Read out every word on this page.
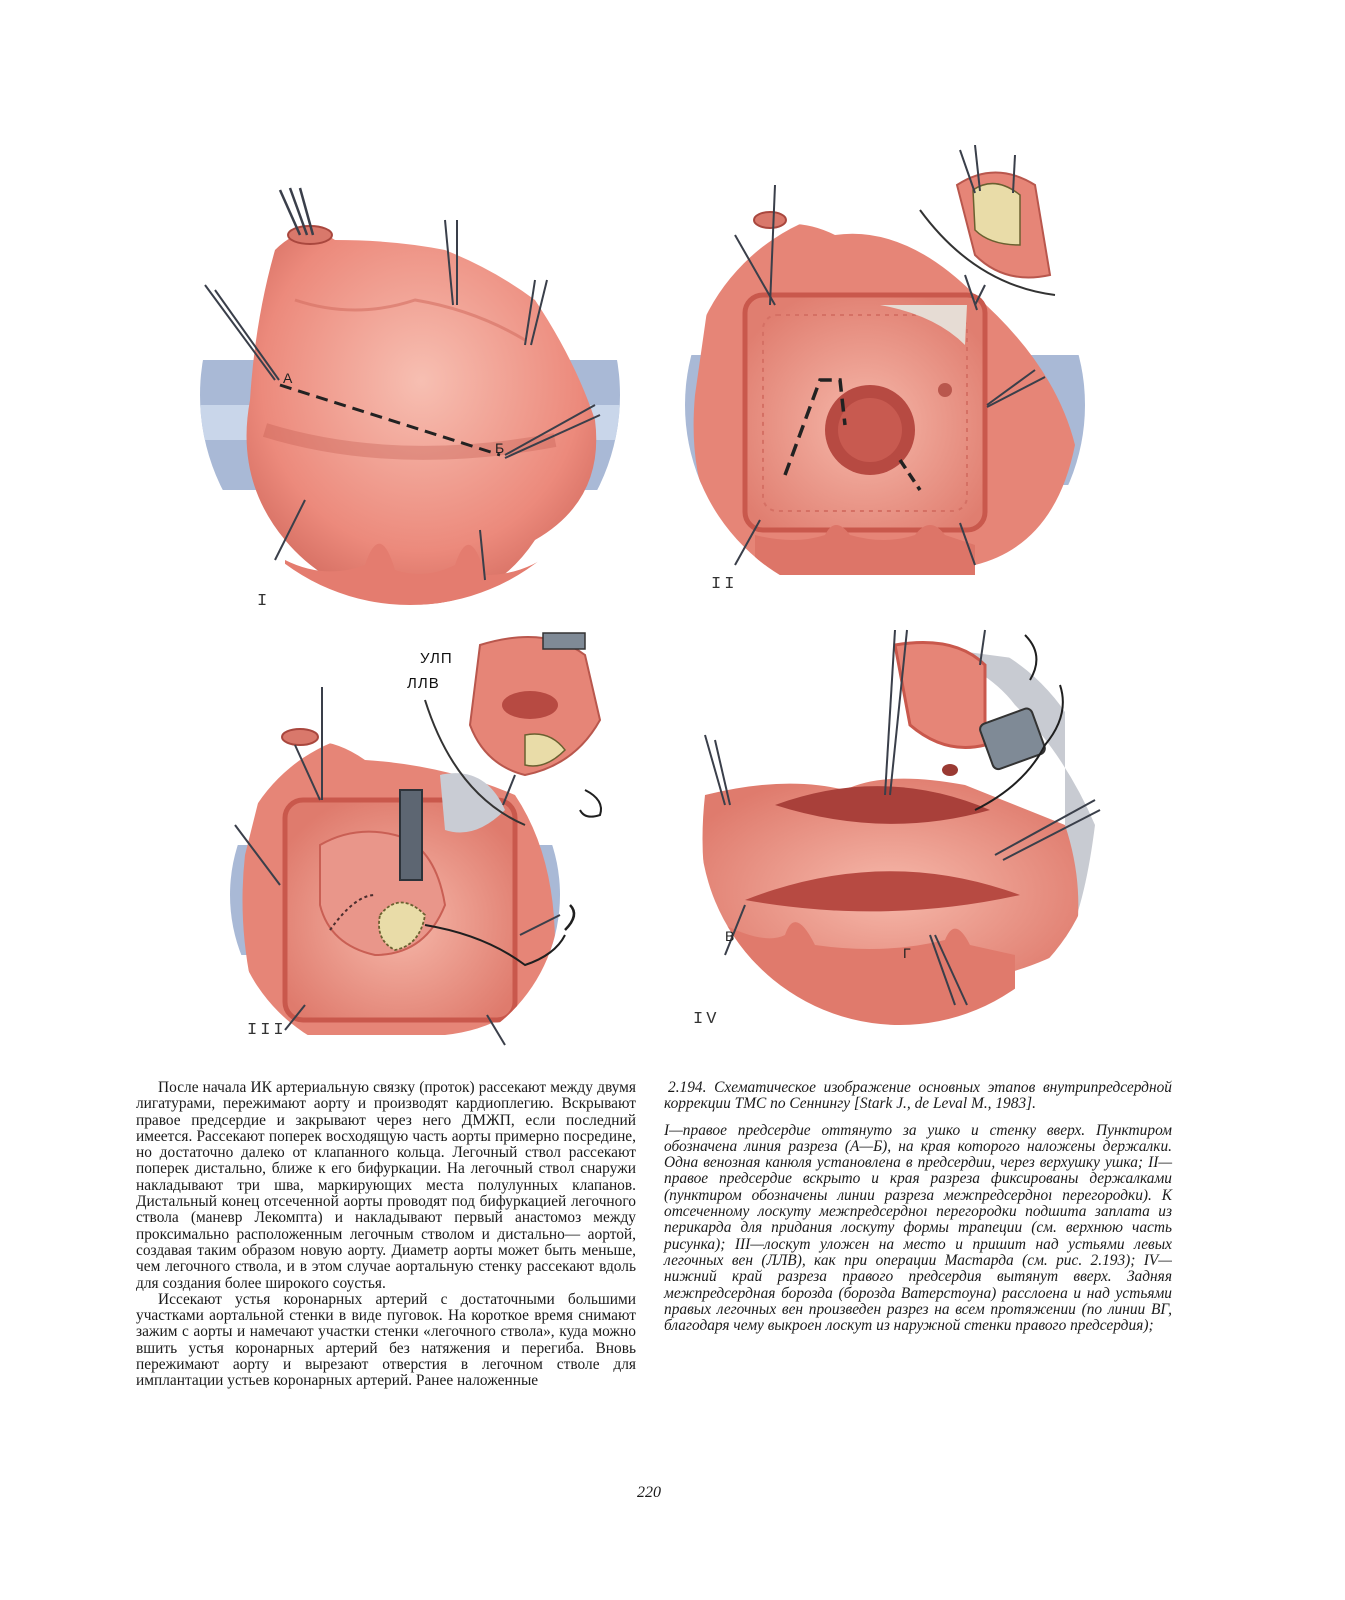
А
Б
I
II
УЛП
ЛЛВ
III
В
Г
IV

После начала ИК артериальную связку (проток) рассекают между двумя лигатурами, пережимают аорту и производят кардиоплегию. Вскрывают правое предсердие и закрывают через него ДМЖП, если последний имеется. Рассекают поперек восходящую часть аорты примерно посредине, но достаточно далеко от клапанного кольца. Легочный ствол рассекают поперек дистально, ближе к его бифуркации. На легочный ствол снаружи накладывают три шва, маркирующих места полулунных клапанов. Дистальный конец отсеченной аорты проводят под бифуркацией легочного ствола (маневр Лекомпта) и накладывают первый анастомоз между проксимально расположенным легочным стволом и дистально— аортой, создавая таким образом новую аорту. Диаметр аорты может быть меньше, чем легочного ствола, и в этом случае аортальную стенку рассекают вдоль для создания более широкого соустья.

Иссекают устья коронарных артерий с достаточными большими участками аортальной стенки в виде пуговок. На короткое время снимают зажим с аорты и намечают участки стенки «легочного ствола», куда можно вшить устья коронарных артерий без натяжения и перегиба. Вновь пережимают аорту и вырезают отверстия в легочном стволе для имплантации устьев коронарных артерий. Ранее наложенные

2.194. Схематическое изображение основных этапов внутрипредсердной коррекции ТМС по Сеннингу [Stark J., de Leval M., 1983].

I—правое предсердие оттянуто за ушко и стенку вверх. Пунктиром обозначена линия разреза (А—Б), на края которого наложены держалки. Одна венозная канюля установлена в предсердии, через верхушку ушка; II—правое предсердие вскрыто и края разреза фиксированы держалками (пунктиром обозначены линии разреза межпредсердноı перегородки). К отсеченному лоскуту межпредсердноı перегородки подшита заплата из перикарда для придания лоскуту формы трапеции (см. верхнюю часть рисунка); III—лоскут уложен на место и пришит над устьями левых легочных вен (ЛЛВ), как при операции Мастарда (см. рис. 2.193); IV—нижний край разреза правого предсердия вытянут вверх. Задняя межпредсердная борозда (борозда Ватерстоуна) расслоена и над устьями правых легочных вен произведен разрез на всем протяжении (по линии ВГ, благодаря чему выкроен лоскут из наружной стенки правого предсердия);

220
